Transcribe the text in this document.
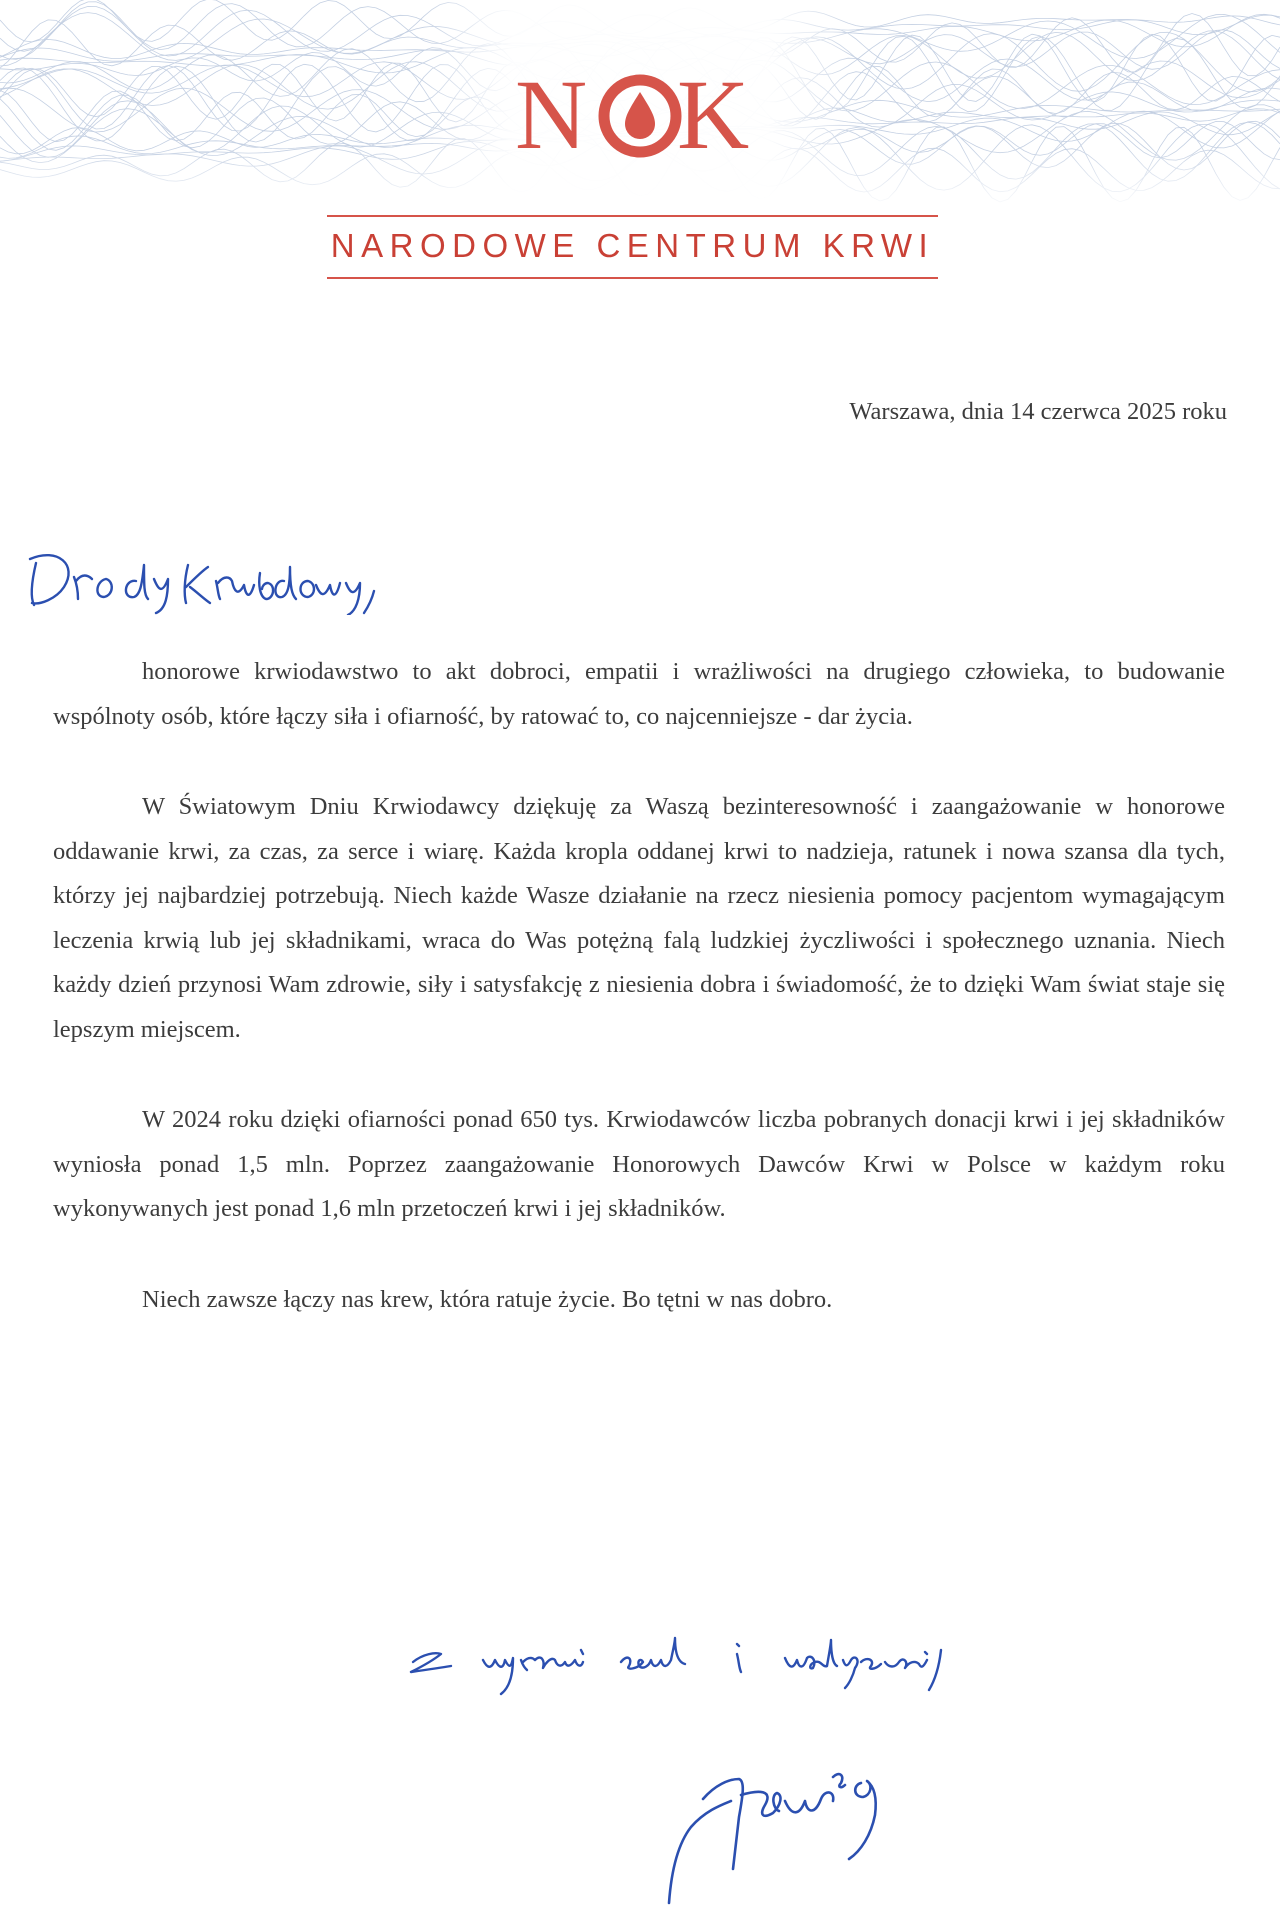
N K
NARODOWE CENTRUM KRWI
Warszawa, dnia 14 czerwca 2025 roku

honorowe krwiodawstwo to akt dobroci, empatii i wrażliwości na drugiego człowieka, to budowanie wspólnoty osób, które łączy siła i ofiarność, by ratować to, co najcenniejsze - dar życia.

W Światowym Dniu Krwiodawcy dziękuję za Waszą bezinteresowność i zaangażowanie w honorowe oddawanie krwi, za czas, za serce i wiarę. Każda kropla oddanej krwi to nadzieja, ratunek i nowa szansa dla tych, którzy jej najbardziej potrzebują. Niech każde Wasze działanie na rzecz niesienia pomocy pacjentom wymagającym leczenia krwią lub jej składnikami, wraca do Was potężną falą ludzkiej życzliwości i społecznego uznania. Niech każdy dzień przynosi Wam zdrowie, siły i satysfakcję z niesienia dobra i świadomość, że to dzięki Wam świat staje się lepszym miejscem.

W 2024 roku dzięki ofiarności ponad 650 tys. Krwiodawców liczba pobranych donacji krwi i jej składników wyniosła ponad 1,5 mln. Poprzez zaangażowanie Honorowych Dawców Krwi w Polsce w każdym roku wykonywanych jest ponad 1,6 mln przetoczeń krwi i jej składników.

Niech zawsze łączy nas krew, która ratuje życie. Bo tętni w nas dobro.
